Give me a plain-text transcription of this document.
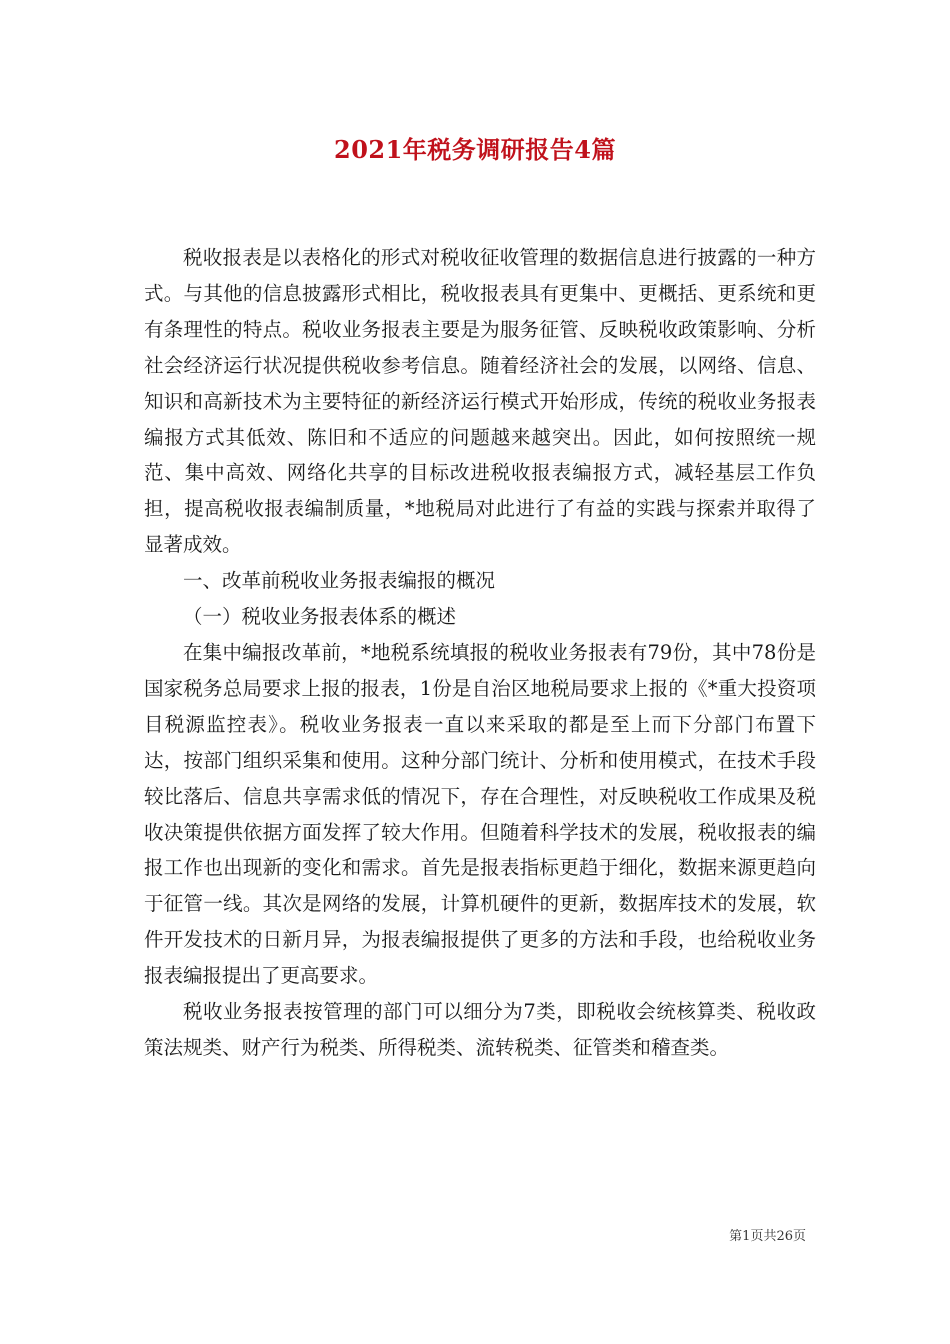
2021年税务调研报告4篇

税收报表是以表格化的形式对税收征收管理的数据信息进行披露的一种方式。与其他的信息披露形式相比，税收报表具有更集中、更概括、更系统和更有条理性的特点。税收业务报表主要是为服务征管、反映税收政策影响、分析社会经济运行状况提供税收参考信息。随着经济社会的发展，以网络、信息、知识和高新技术为主要特征的新经济运行模式开始形成，传统的税收业务报表编报方式其低效、陈旧和不适应的问题越来越突出。因此，如何按照统一规范、集中高效、网络化共享的目标改进税收报表编报方式，减轻基层工作负担，提高税收报表编制质量，*地税局对此进行了有益的实践与探索并取得了显著成效。

一、改革前税收业务报表编报的概况

（一）税收业务报表体系的概述

在集中编报改革前，*地税系统填报的税收业务报表有79份，其中78份是国家税务总局要求上报的报表，1份是自治区地税局要求上报的《*重大投资项目税源监控表》。税收业务报表一直以来采取的都是至上而下分部门布置下达，按部门组织采集和使用。这种分部门统计、分析和使用模式，在技术手段较比落后、信息共享需求低的情况下，存在合理性，对反映税收工作成果及税收决策提供依据方面发挥了较大作用。但随着科学技术的发展，税收报表的编报工作也出现新的变化和需求。首先是报表指标更趋于细化，数据来源更趋向于征管一线。其次是网络的发展，计算机硬件的更新，数据库技术的发展，软件开发技术的日新月异，为报表编报提供了更多的方法和手段，也给税收业务报表编报提出了更高要求。

税收业务报表按管理的部门可以细分为7类，即税收会统核算类、税收政策法规类、财产行为税类、所得税类、流转税类、征管类和稽查类。

第1页共26页
